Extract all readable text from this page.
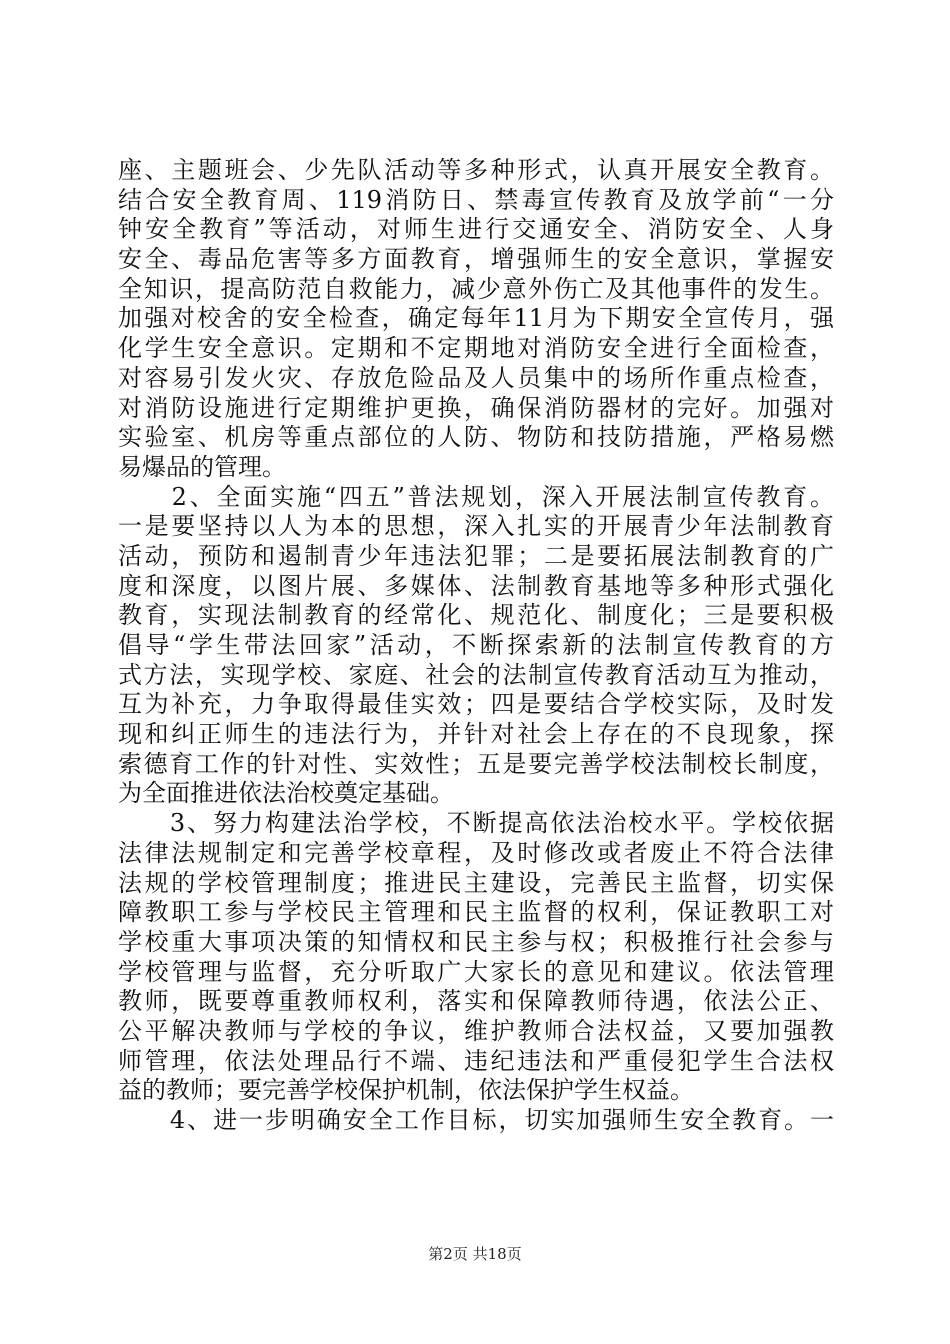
座、主题班会、少先队活动等多种形式，认真开展安全教育。
结合安全教育周、119消防日、禁毒宣传教育及放学前“一分
钟安全教育”等活动，对师生进行交通安全、消防安全、人身
安全、毒品危害等多方面教育，增强师生的安全意识，掌握安
全知识，提高防范自救能力，减少意外伤亡及其他事件的发生。
加强对校舍的安全检查，确定每年11月为下期安全宣传月，强
化学生安全意识。定期和不定期地对消防安全进行全面检查，
对容易引发火灾、存放危险品及人员集中的场所作重点检查，
对消防设施进行定期维护更换，确保消防器材的完好。加强对
实验室、机房等重点部位的人防、物防和技防措施，严格易燃
易爆品的管理。
　　2、全面实施“四五”普法规划，深入开展法制宣传教育。
一是要坚持以人为本的思想，深入扎实的开展青少年法制教育
活动，预防和遏制青少年违法犯罪；二是要拓展法制教育的广
度和深度，以图片展、多媒体、法制教育基地等多种形式强化
教育，实现法制教育的经常化、规范化、制度化；三是要积极
倡导“学生带法回家”活动，不断探索新的法制宣传教育的方
式方法，实现学校、家庭、社会的法制宣传教育活动互为推动，
互为补充，力争取得最佳实效；四是要结合学校实际，及时发
现和纠正师生的违法行为，并针对社会上存在的不良现象，探
索德育工作的针对性、实效性；五是要完善学校法制校长制度，
为全面推进依法治校奠定基础。
　　3、努力构建法治学校，不断提高依法治校水平。学校依据
法律法规制定和完善学校章程，及时修改或者废止不符合法律
法规的学校管理制度；推进民主建设，完善民主监督，切实保
障教职工参与学校民主管理和民主监督的权利，保证教职工对
学校重大事项决策的知情权和民主参与权；积极推行社会参与
学校管理与监督，充分听取广大家长的意见和建议。依法管理
教师，既要尊重教师权利，落实和保障教师待遇，依法公正、
公平解决教师与学校的争议，维护教师合法权益，又要加强教
师管理，依法处理品行不端、违纪违法和严重侵犯学生合法权
益的教师；要完善学校保护机制，依法保护学生权益。
　　4、进一步明确安全工作目标，切实加强师生安全教育。一
第2页 共18页
